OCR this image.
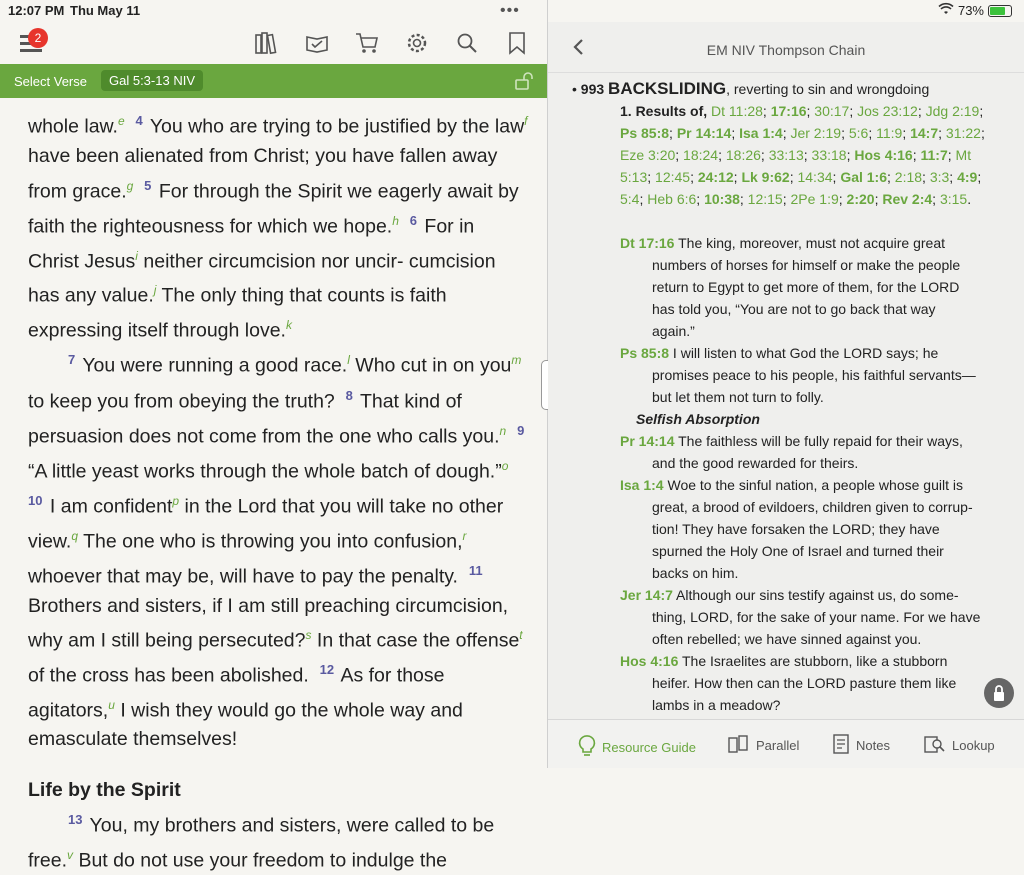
12:07 PM Thu May 11	•••	73%
2
Select Verse	Gal 5:3-13 NIV

whole law.$^e$ $^4$ You who are trying to be justified by the law$^f$ have been alienated from Christ; you have fallen away from grace.$^g$ $^5$ For through the Spirit we eagerly await by faith the righteousness for which we hope.$^h$ $^6$ For in Christ Jesus$^i$ neither circumcision nor uncir- cumcision has any value.$^j$ The only thing that counts is faith expressing itself through love.$^k$

$^7$ You were running a good race.$^l$ Who cut in on you$^m$ to keep you from obeying the truth? $^8$ That kind of persuasion does not come from the one who calls you.$^n$ $^9$ “A little yeast works through the whole batch of dough.”$^o$  $^{10}$ I am confident$^p$ in the Lord that you will take no other view.$^q$ The one who is throwing you into confusion,$^r$ whoever that may be, will have to pay the penalty. $^{11}$ Brothers and sisters, if I am still preaching circumcision, why am I still being persecuted?$^s$ In that case the offense$^t$ of the cross has been abolished. $^{12}$ As for those agitators,$^u$ I wish they would go the whole way and emasculate themselves!

Life by the Spirit

$^{13}$ You, my brothers and sisters, were called to be free.$^v$ But do not use your freedom to indulge the

EM NIV Thompson Chain
• 993 BACKSLIDING, reverting to sin and wrongdoing
1. Results of, Dt 11:28; 17:16; 30:17; Jos 23:12; Jdg 2:19; Ps 85:8; Pr 14:14; Isa 1:4; Jer 2:19; 5:6; 11:9; 14:7; 31:22; Eze 3:20; 18:24; 18:26; 33:13; 33:18; Hos 4:16; 11:7; Mt 5:13; 12:45; 24:12; Lk 9:62; 14:34; Gal 1:6; 2:18; 3:3; 4:9; 5:4; Heb 6:6; 10:38; 12:15; 2Pe 1:9; 2:20; Rev 2:4; 3:15.
Dt 17:16 The king, moreover, must not acquire great
numbers of horses for himself or make the people
return to Egypt to get more of them, for the LORD
has told you, “You are not to go back that way
again.”
Ps 85:8 I will listen to what God the LORD says; he
promises peace to his people, his faithful servants—
but let them not turn to folly.
Selfish Absorption
Pr 14:14 The faithless will be fully repaid for their ways,
and the good rewarded for theirs.
Isa 1:4 Woe to the sinful nation, a people whose guilt is
great, a brood of evildoers, children given to corrup-
tion! They have forsaken the LORD; they have
spurned the Holy One of Israel and turned their
backs on him.
Jer 14:7 Although our sins testify against us, do some-
thing, LORD, for the sake of your name. For we have
often rebelled; we have sinned against you.
Hos 4:16 The Israelites are stubborn, like a stubborn
heifer. How then can the LORD pasture them like
lambs in a meadow?
Resource Guide	Parallel	Notes	Lookup
